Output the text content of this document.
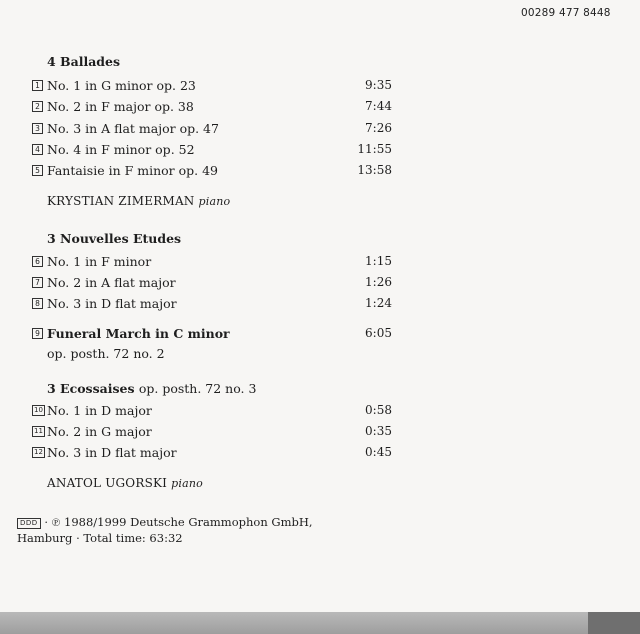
00289 477 8448
4 Ballades
1 No. 1 in G minor op. 23	9:35
2 No. 2 in F major op. 38	7:44
3 No. 3 in A flat major op. 47	7:26
4 No. 4 in F minor op. 52	11:55
5 Fantaisie in F minor op. 49	13:58
KRYSTIAN ZIMERMAN piano
3 Nouvelles Etudes
6 No. 1 in F minor	1:15
7 No. 2 in A flat major	1:26
8 No. 3 in D flat major	1:24
9 Funeral March in C minor	6:05
op. posth. 72 no. 2
3 Ecossaises op. posth. 72 no. 3
10 No. 1 in D major	0:58
11 No. 2 in G major	0:35
12 No. 3 in D flat major	0:45
ANATOL UGORSKI piano
DDD · ℗ 1988/1999 Deutsche Grammophon GmbH,
Hamburg · Total time: 63:32
